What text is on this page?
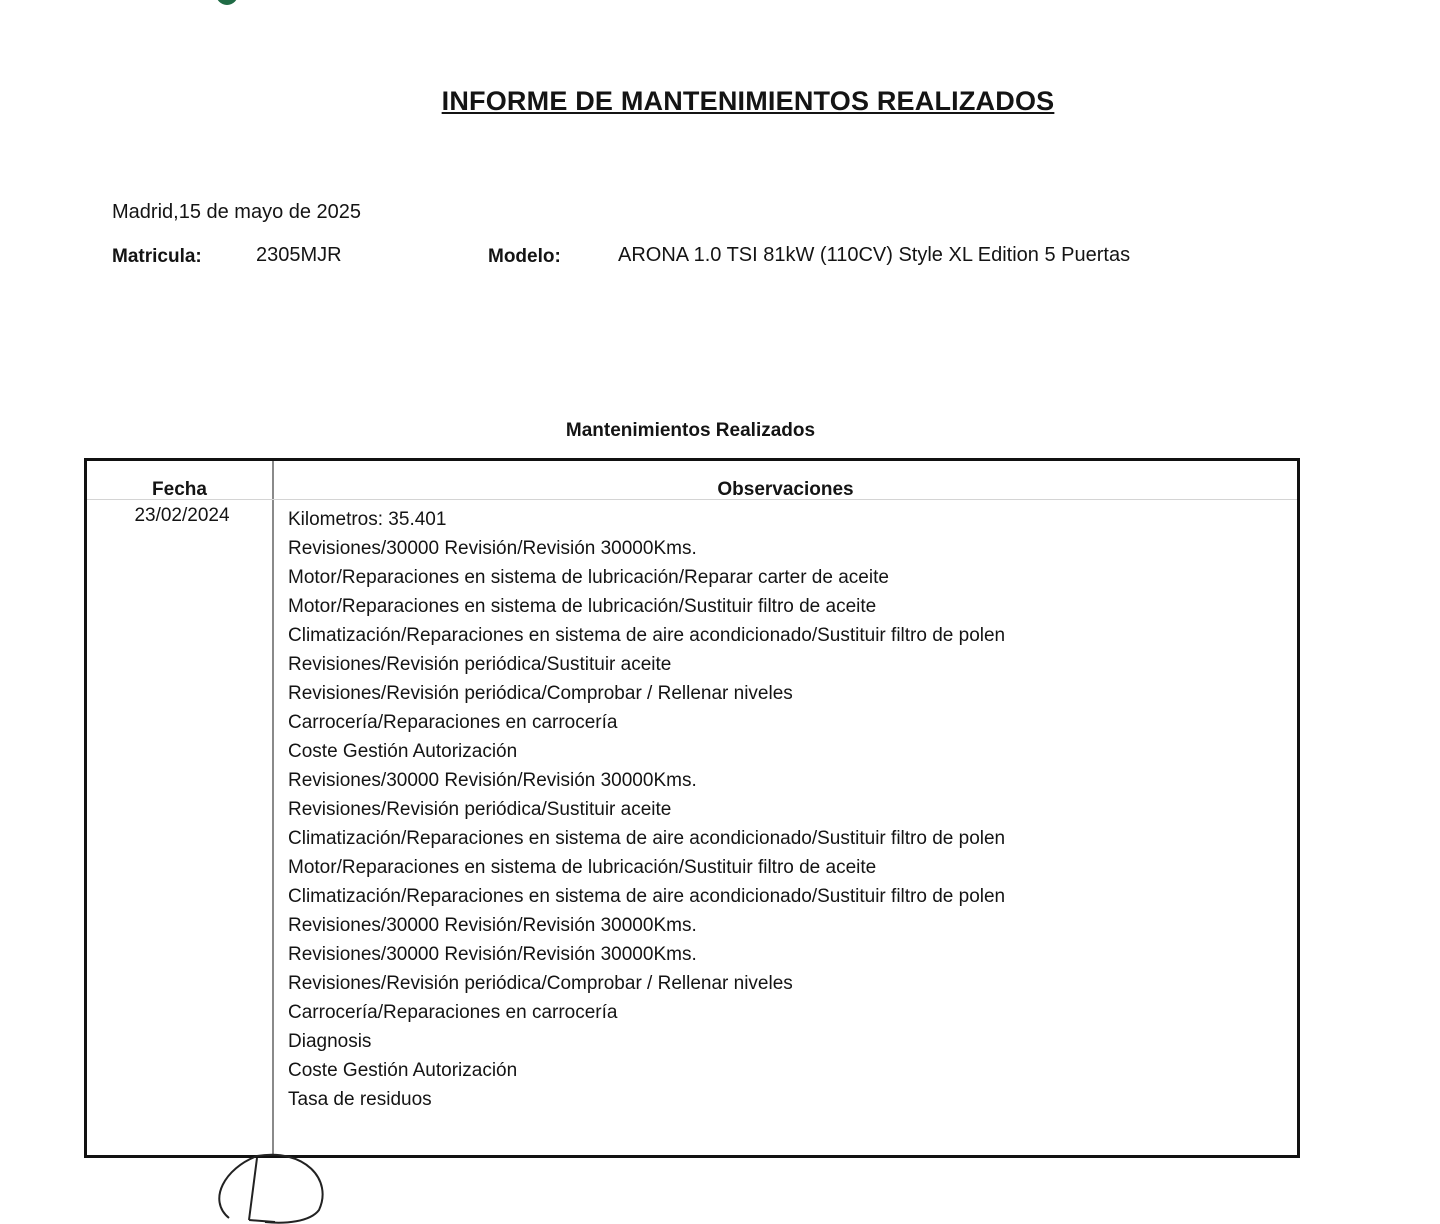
INFORME DE MANTENIMIENTOS REALIZADOS
Madrid,15 de mayo de 2025
Matricula:	2305MJR	Modelo:	ARONA 1.0 TSI 81kW (110CV) Style XL Edition 5 Puertas
Mantenimientos Realizados
Fecha	Observaciones
23/02/2024	Kilometros: 35.401
Revisiones/30000 Revisión/Revisión 30000Kms.
Motor/Reparaciones en sistema de lubricación/Reparar carter de aceite
Motor/Reparaciones en sistema de lubricación/Sustituir filtro de aceite
Climatización/Reparaciones en sistema de aire acondicionado/Sustituir filtro de polen
Revisiones/Revisión periódica/Sustituir aceite
Revisiones/Revisión periódica/Comprobar / Rellenar niveles
Carrocería/Reparaciones en carrocería
Coste Gestión Autorización
Revisiones/30000 Revisión/Revisión 30000Kms.
Revisiones/Revisión periódica/Sustituir aceite
Climatización/Reparaciones en sistema de aire acondicionado/Sustituir filtro de polen
Motor/Reparaciones en sistema de lubricación/Sustituir filtro de aceite
Climatización/Reparaciones en sistema de aire acondicionado/Sustituir filtro de polen
Revisiones/30000 Revisión/Revisión 30000Kms.
Revisiones/30000 Revisión/Revisión 30000Kms.
Revisiones/Revisión periódica/Comprobar / Rellenar niveles
Carrocería/Reparaciones en carrocería
Diagnosis
Coste Gestión Autorización
Tasa de residuos
